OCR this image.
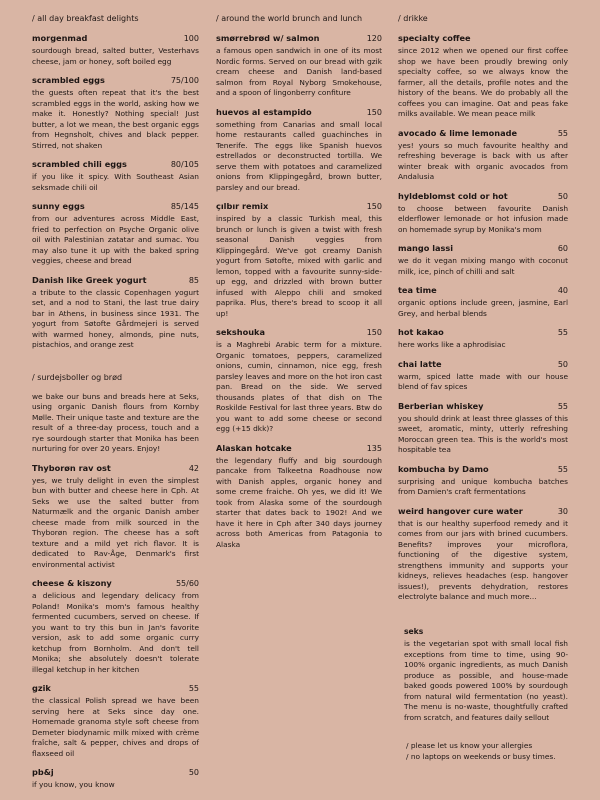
/ all day breakfast delights
morgenmad	100
sourdough bread, salted butter, Vesterhavs cheese, jam or honey, soft boiled egg
scrambled eggs	75/100
the guests often repeat that it's the best scrambled eggs in the world, asking how we make it. Honestly? Nothing special! Just butter, a lot we mean, the best organic eggs from Hegnsholt, chives and black pepper. Stirred, not shaken
scrambled chili eggs	80/105
if you like it spicy. With Southeast Asian seksmade chili oil
sunny eggs	85/145
from our adventures across Middle East, fried to perfection on Psyche Organic olive oil with Palestinian zatatar and sumac. You may also tune it up with the baked spring veggies, cheese and bread
Danish like Greek yogurt	85
a tribute to the classic Copenhagen yogurt set, and a nod to Stani, the last true dairy bar in Athens, in business since 1931. The yogurt from Søtofte Gårdmejeri is served with warmed honey, almonds, pine nuts, pistachios, and orange zest
/ surdejsboller og brød
we bake our buns and breads here at Seks, using organic Danish flours from Kornby Mølle. Their unique taste and texture are the result of a three-day process, touch and a rye sourdough starter that Monika has been nurturing for over 20 years. Enjoy!
Thyborøn rav ost	42
yes, we truly delight in even the simplest bun with butter and cheese here in Cph. At Seks we use the salted butter from Naturmælk and the organic Danish amber cheese made from milk sourced in the Thyborøn region. The cheese has a soft texture and a mild yet rich flavor. It is dedicated to Rav-Åge, Denmark's first environmental activist
cheese & kiszony	55/60
a delicious and legendary delicacy from Poland! Monika's mom's famous healthy fermented cucumbers, served on cheese. If you want to try this bun in Jan's favorite version, ask to add some organic curry ketchup from Bornholm. And don't tell Monika; she absolutely doesn't tolerate illegal ketchup in her kitchen
gzik	55
the classical Polish spread we have been serving here at Seks since day one. Homemade granoma style soft cheese from Demeter biodynamic milk mixed with crème fraîche, salt & pepper, chives and drops of flaxseed oil
pb&j	50
if you know, you know
/ around the world brunch and lunch
smørrebrød w/ salmon	120
a famous open sandwich in one of its most Nordic forms. Served on our bread with gzik cream cheese and Danish land-based salmon from Royal Nyborg Smokehouse, and a spoon of lingonberry confiture
huevos al estampido	150
something from Canarias and small local home restaurants called guachinches in Tenerife. The eggs like Spanish huevos estrellados or deconstructed tortilla. We serve them with potatoes and caramelized onions from Klippingegård, brown butter, parsley and our bread.
çılbır remix	150
inspired by a classic Turkish meal, this brunch or lunch is given a twist with fresh seasonal Danish veggies from Klippingegård. We've got creamy Danish yogurt from Søtofte, mixed with garlic and lemon, topped with a favourite sunny-side-up egg, and drizzled with brown butter infused with Aleppo chili and smoked paprika. Plus, there's bread to scoop it all up!
sekshouka	150
is a Maghrebi Arabic term for a mixture. Organic tomatoes, peppers, caramelized onions, cumin, cinnamon, nice egg, fresh parsley leaves and more on the hot iron cast pan. Bread on the side. We served thousands plates of that dish on The Roskilde Festival for last three years. Btw do you want to add some cheese or second egg (+15 dkk)?
Alaskan hotcake	135
the legendary fluffy and big sourdough pancake from Talkeetna Roadhouse now with Danish apples, organic honey and some creme fraiche. Oh yes, we did it! We took from Alaska some of the sourdough starter that dates back to 1902! And we have it here in Cph after 340 days journey across both Americas from Patagonia to Alaska
/ drikke
specialty coffee
since 2012 when we opened our first coffee shop we have been proudly brewing only specialty coffee, so we always know the farmer, all the details, profile notes and the history of the beans. We do probably all the coffees you can imagine. Oat and peas fake milks available. We mean peace milk
avocado & lime lemonade	55
yes! yours so much favourite healthy and refreshing beverage is back with us after winter break with organic avocados from Andalusia
hyldeblomst cold or hot	50
to choose between favourite Danish elderflower lemonade or hot infusion made on homemade syrup by Monika's mom
mango lassi	60
we do it vegan mixing mango with coconut milk, ice, pinch of chilli and salt
tea time	40
organic options include green, jasmine, Earl Grey, and herbal blends
hot kakao	55
here works like a aphrodisiac
chai latte	50
warm, spiced latte made with our house blend of fav spices
Berberian whiskey	55
you should drink at least three glasses of this sweet, aromatic, minty, utterly refreshing Moroccan green tea. This is the world's most hospitable tea
kombucha by Damo	55
surprising and unique kombucha batches from Damien's craft fermentations
weird hangover cure water	30
that is our healthy superfood remedy and it comes from our jars with brined cucumbers. Benefits? improves your microflora, functioning of the digestive system, strengthens immunity and supports your kidneys, relieves headaches (esp. hangover issues!), prevents dehydration, restores electrolyte balance and much more...
seks
is the vegetarian spot with small local fish exceptions from time to time, using 90-100% organic ingredients, as much Danish produce as possible, and house-made baked goods powered 100% by sourdough from natural wild fermentation (no yeast). The menu is no-waste, thoughtfully crafted from scratch, and features daily sellout
/ please let us know your allergies
/ no laptops on weekends or busy times.
